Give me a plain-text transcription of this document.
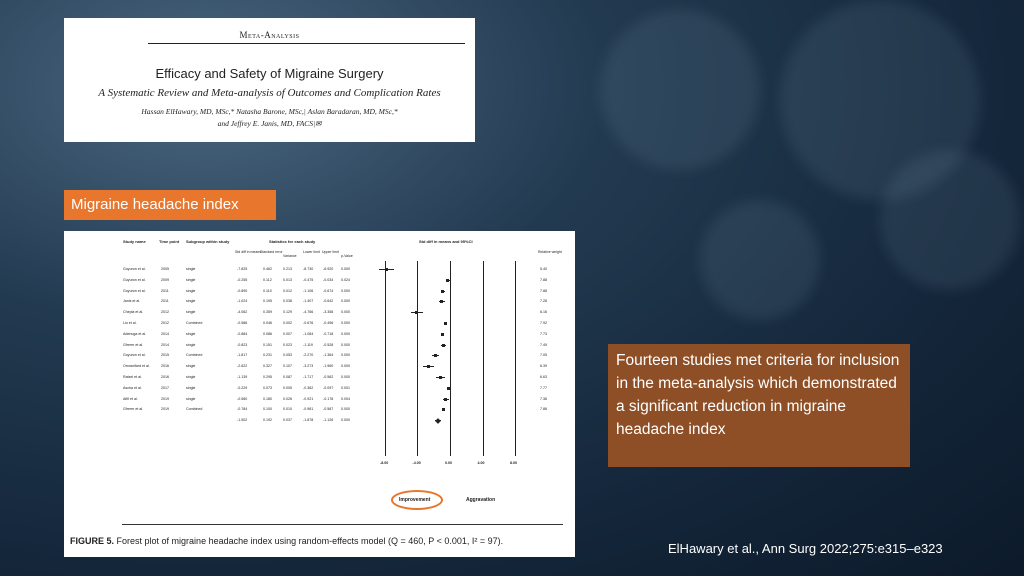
Meta-Analysis
Efficacy and Safety of Migraine Surgery
A Systematic Review and Meta-analysis of Outcomes and Complication Rates
Hassan ElHawary, MD, MSc,* Natasha Barone, MSc,| Aslan Baradaran, MD, MSc,*
and Jeffrey E. Janis, MD, FACS|✉
Migraine headache index
Study name	Time point Subgroup within study	Statistics for each study	Std diff in means and 95%CI
Std diff in means
Standard error
Variance
Lower limit Upper limit
p-Value
Relative weight
Guyuron et al.	2005	single	-7.825	0.462	0.213	-8.730	-6.920 0.000	5.40
Guyuron et al.	2009	single	-0.255	0.112	0.013	-0.475	-0.034 0.024	7.88
Guyuron et al.	2011	single	-0.890	0.110	0.012	-1.106	-0.674 0.000	7.88
Janis et al.	2011	single	-1.024	0.195	0.038	-1.407	-0.642 0.000	7.28
Chepla et al.	2012	single	-4.062	0.359	0.129	-4.766	-3.358 0.000	6.16
Liu et al.	2012	Combined	-0.586	0.046	0.002	-0.676	-0.496 0.000	7.92
Adenuga et al.	2014	single	-0.884	0.086	0.007	-1.084	-0.718 0.000	7.73
Gfrerer et al.	2014	single	-0.823	0.151	0.023	-1.119	-0.528 0.000	7.49
Guyuron et al.	2015	Combined	-1.817	0.231	0.053	-2.270	-1.364 0.000	7.05
Omranifard et al.	2016	single	-2.622	0.327	0.107	-3.273	-1.960 0.000	6.39
Ratzel et al.	2016	single	-1.139	0.295	0.087	-1.717	-0.562 0.000	6.63
Ascha et al.	2017	single	-0.229	0.073	0.005	-0.362	-0.097 0.001	7.77
Afifi et al.	2019	single	-0.560	0.180	0.026	-0.921	-0.178 0.004	7.36
Gfrerer et al.	2019	Combined	-0.784	0.100	0.010	-0.981	-0.587 0.000	7.86
-1.502	0.192	0.037	-1.878	-1.126 0.000
-8.00	-4.00	0.00	4.00	8.00
Improvement	Aggravation
FIGURE 5. Forest plot of migraine headache index using random-effects model (Q = 460, P < 0.001, I² = 97).
Fourteen studies met criteria for inclusion in the meta-analysis which demonstrated a significant reduction in migraine headache index
ElHawary et al., Ann Surg 2022;275:e315–e323
